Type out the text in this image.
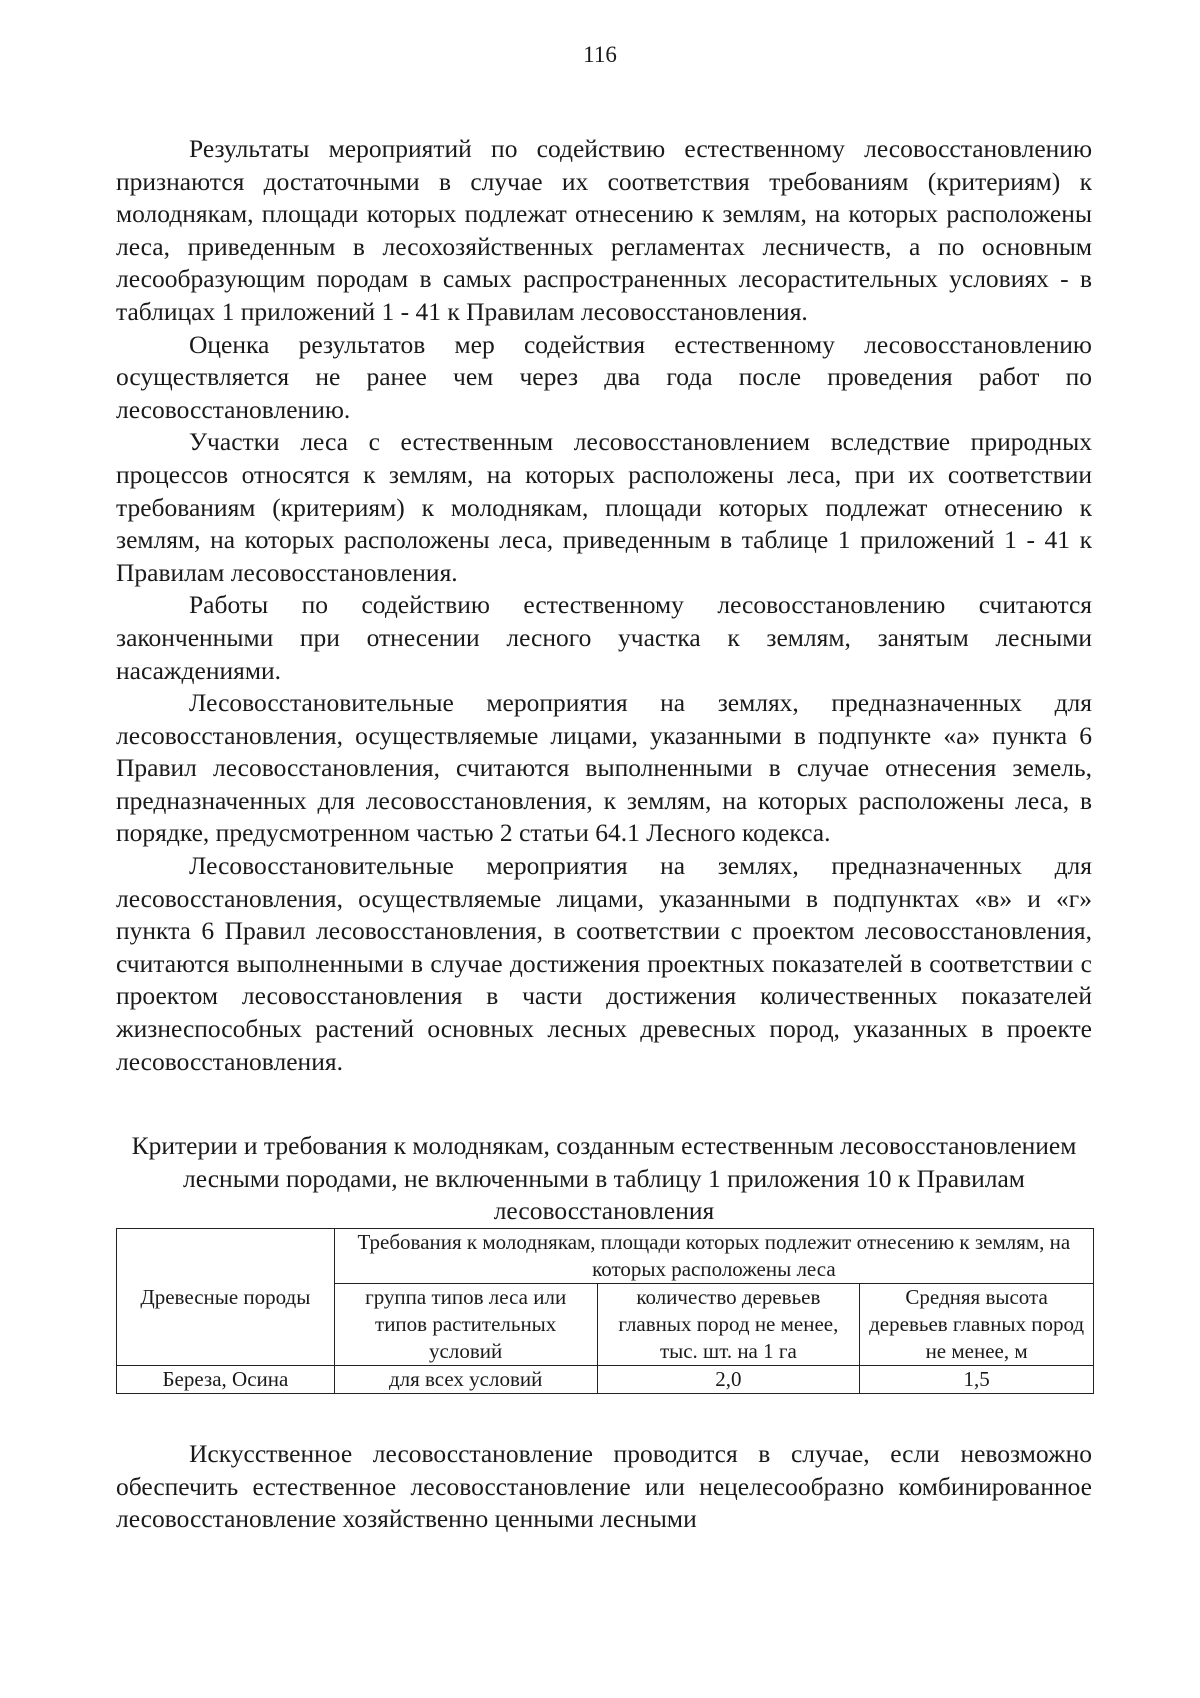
116

Результаты мероприятий по содействию естественному лесовосстановлению признаются достаточными в случае их соответствия требованиям (критериям) к молоднякам, площади которых подлежат отнесению к землям, на которых расположены леса, приведенным в лесохозяйственных регламентах лесничеств, а по основным лесообразующим породам в самых распространенных лесорастительных условиях - в таблицах 1 приложений 1 - 41 к Правилам лесовосстановления.

Оценка результатов мер содействия естественному лесовосстановлению осуществляется не ранее чем через два года после проведения работ по лесовосстановлению.

Участки леса с естественным лесовосстановлением вследствие природных процессов относятся к землям, на которых расположены леса, при их соответствии требованиям (критериям) к молоднякам, площади которых подлежат отнесению к землям, на которых расположены леса, приведенным в таблице 1 приложений 1 - 41 к Правилам лесовосстановления.

Работы по содействию естественному лесовосстановлению считаются законченными при отнесении лесного участка к землям, занятым лесными насаждениями.

Лесовосстановительные мероприятия на землях, предназначенных для лесовосстановления, осуществляемые лицами, указанными в подпункте «а» пункта 6 Правил лесовосстановления, считаются выполненными в случае отнесения земель, предназначенных для лесовосстановления, к землям, на которых расположены леса, в порядке, предусмотренном частью 2 статьи 64.1 Лесного кодекса.

Лесовосстановительные мероприятия на землях, предназначенных для лесовосстановления, осуществляемые лицами, указанными в подпунктах «в» и «г» пункта 6 Правил лесовосстановления, в соответствии с проектом лесовосстановления, считаются выполненными в случае достижения проектных показателей в соответствии с проектом лесовосстановления в части достижения количественных показателей жизнеспособных растений основных лесных древесных пород, указанных в проекте лесовосстановления.

Критерии и требования к молоднякам, созданным естественным лесовосстановлением лесными породами, не включенными в таблицу 1 приложения 10 к Правилам лесовосстановления

Древесные породы	Требования к молоднякам, площади которых подлежит отнесению к землям, на которых расположены леса		
	группа типов леса или типов растительных условий	количество деревьев главных пород не менее, тыс. шт. на 1 га	Средняя высота деревьев главных пород не менее, м
Береза, Осина	для всех условий	2,0	1,5

Искусственное лесовосстановление проводится в случае, если невозможно обеспечить естественное лесовосстановление или нецелесообразно комбинированное лесовосстановление хозяйственно ценными лесными
